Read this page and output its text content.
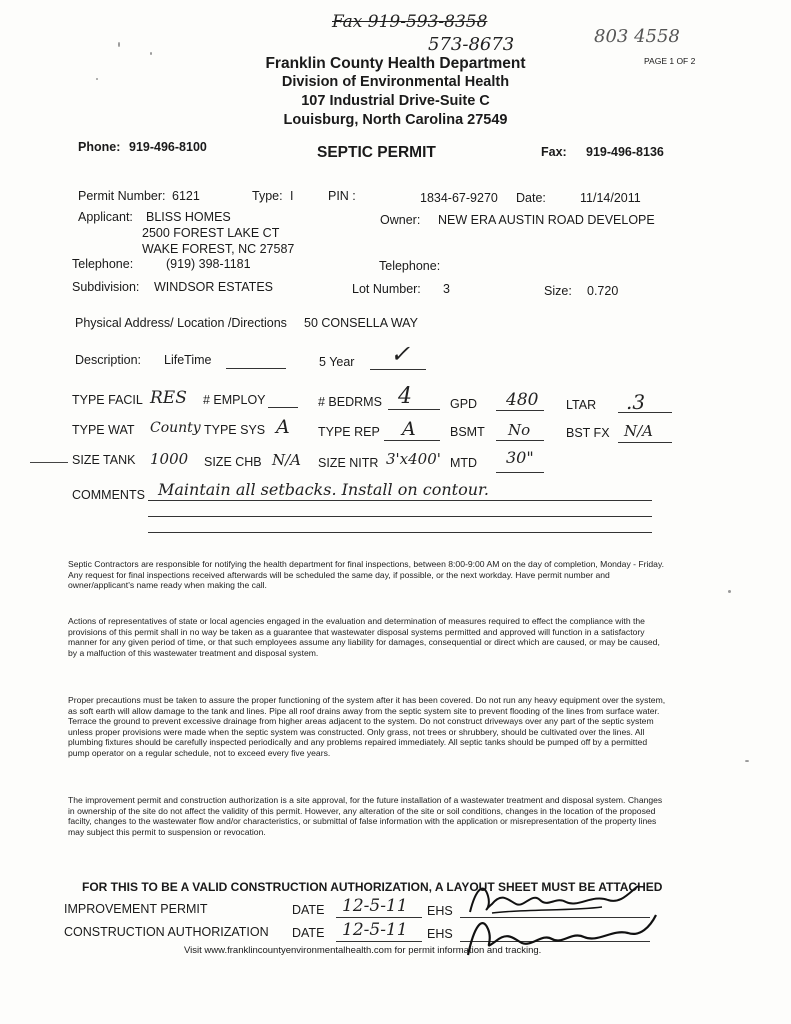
Fax 919-593-8358
573-8673	803 4558
Franklin County Health Department
Division of Environmental Health
107 Industrial Drive-Suite C
Louisburg, North Carolina 27549
PAGE 1 OF 2
Phone: 919-496-8100	SEPTIC PERMIT	Fax: 919-496-8136
Permit Number: 6121	Type: I	PIN :	1834-67-9270 Date:	11/14/2011
Applicant: BLISS HOMES
2500 FOREST LAKE CT
WAKE FOREST, NC 27587
Owner: NEW ERA AUSTIN ROAD DEVELOPE
Telephone:	(919) 398-1181	Telephone:
Subdivision: WINDSOR ESTATES	Lot Number: 3	Size: 0.720
Physical Address/ Location /Directions 50 CONSELLA WAY
Description: LifeTime	5 Year ✓
TYPE FACIL RES # EMPLOY	# BEDRMS 4	GPD 480 LTAR .3
TYPE WAT County TYPE SYS A TYPE REP A	BSMT No	BST FX N/A
SIZE TANK 1000 SIZE CHB N/A SIZE NITR 3'x400' MTD 30"
COMMENTS Maintain all setbacks. Install on contour.
Septic Contractors are responsible for notifying the health department for final inspections, between 8:00-9:00 AM on the day of completion, Monday - Friday. Any request for final inspections received afterwards will be scheduled the same day, if possible, or the next workday. Have permit number and owner/applicant's name ready when making the call.
Actions of representatives of state or local agencies engaged in the evaluation and determination of measures required to effect the compliance with the provisions of this permit shall in no way be taken as a guarantee that wastewater disposal systems permitted and approved will function in a satisfactory manner for any given period of time, or that such employees assume any liability for damages, consequential or direct which are caused, or may be caused, by a malfuction of this wastewater treatment and disposal system.
Proper precautions must be taken to assure the proper functioning of the system after it has been covered. Do not run any heavy equipment over the system, as soft earth will allow damage to the tank and lines. Pipe all roof drains away from the septic system site to prevent flooding of the lines from surface water. Terrace the ground to prevent excessive drainage from higher areas adjacent to the system. Do not construct driveways over any part of the septic system unless proper provisions were made when the septic system was constructed. Only grass, not trees or shrubbery, should be cultivated over the lines. All plumbing fixtures should be carefully inspected periodically and any problems repaired immediately. All septic tanks should be pumped off by a permitted pump operator on a regular schedule, not to exceed every five years.
The improvement permit and construction authorization is a site approval, for the future installation of a wastewater treatment and disposal system. Changes in ownership of the site do not affect the validity of this permit. However, any alteration of the site or soil conditions, changes in the location of the proposed facilty, changes to the wastewater flow and/or characteristics, or submittal of false information with the application or misrepresentation of the property lines may subject this permit to suspension or revocation.
FOR THIS TO BE A VALID CONSTRUCTION AUTHORIZATION, A LAYOUT SHEET MUST BE ATTACHED
IMPROVEMENT PERMIT	DATE 12-5-11 EHS
CONSTRUCTION AUTHORIZATION DATE 12-5-11 EHS
Visit www.franklincountyenvironmentalhealth.com for permit information and tracking.
